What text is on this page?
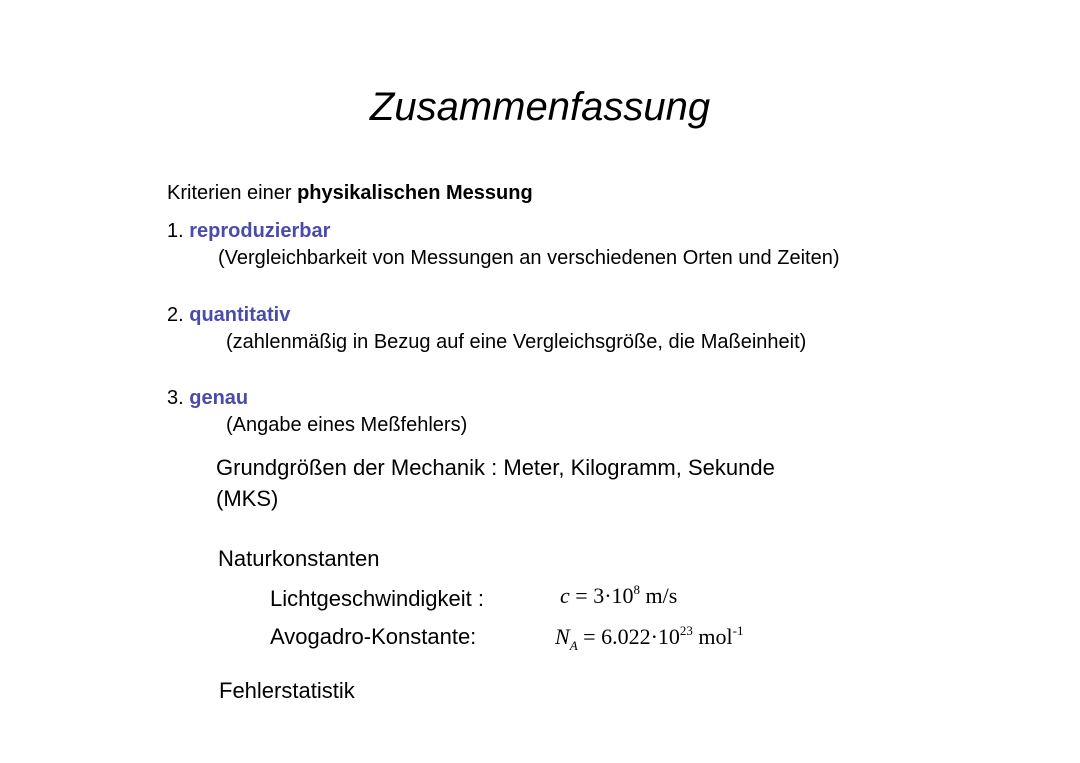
Zusammenfassung
Kriterien einer physikalischen Messung
1. reproduzierbar
(Vergleichbarkeit von Messungen an verschiedenen Orten und Zeiten)
2. quantitativ
(zahlenmäßig in Bezug auf eine Vergleichsgröße, die Maßeinheit)
3. genau
(Angabe eines Meßfehlers)
Grundgrößen der Mechanik : Meter, Kilogramm, Sekunde
(MKS)
Naturkonstanten
Lichtgeschwindigkeit :	$c = 3\cdot 10^8$ m/s
Avogadro-Konstante:	$N_A = 6.022\cdot 10^{23}$ mol$^{-1}$
Fehlerstatistik
